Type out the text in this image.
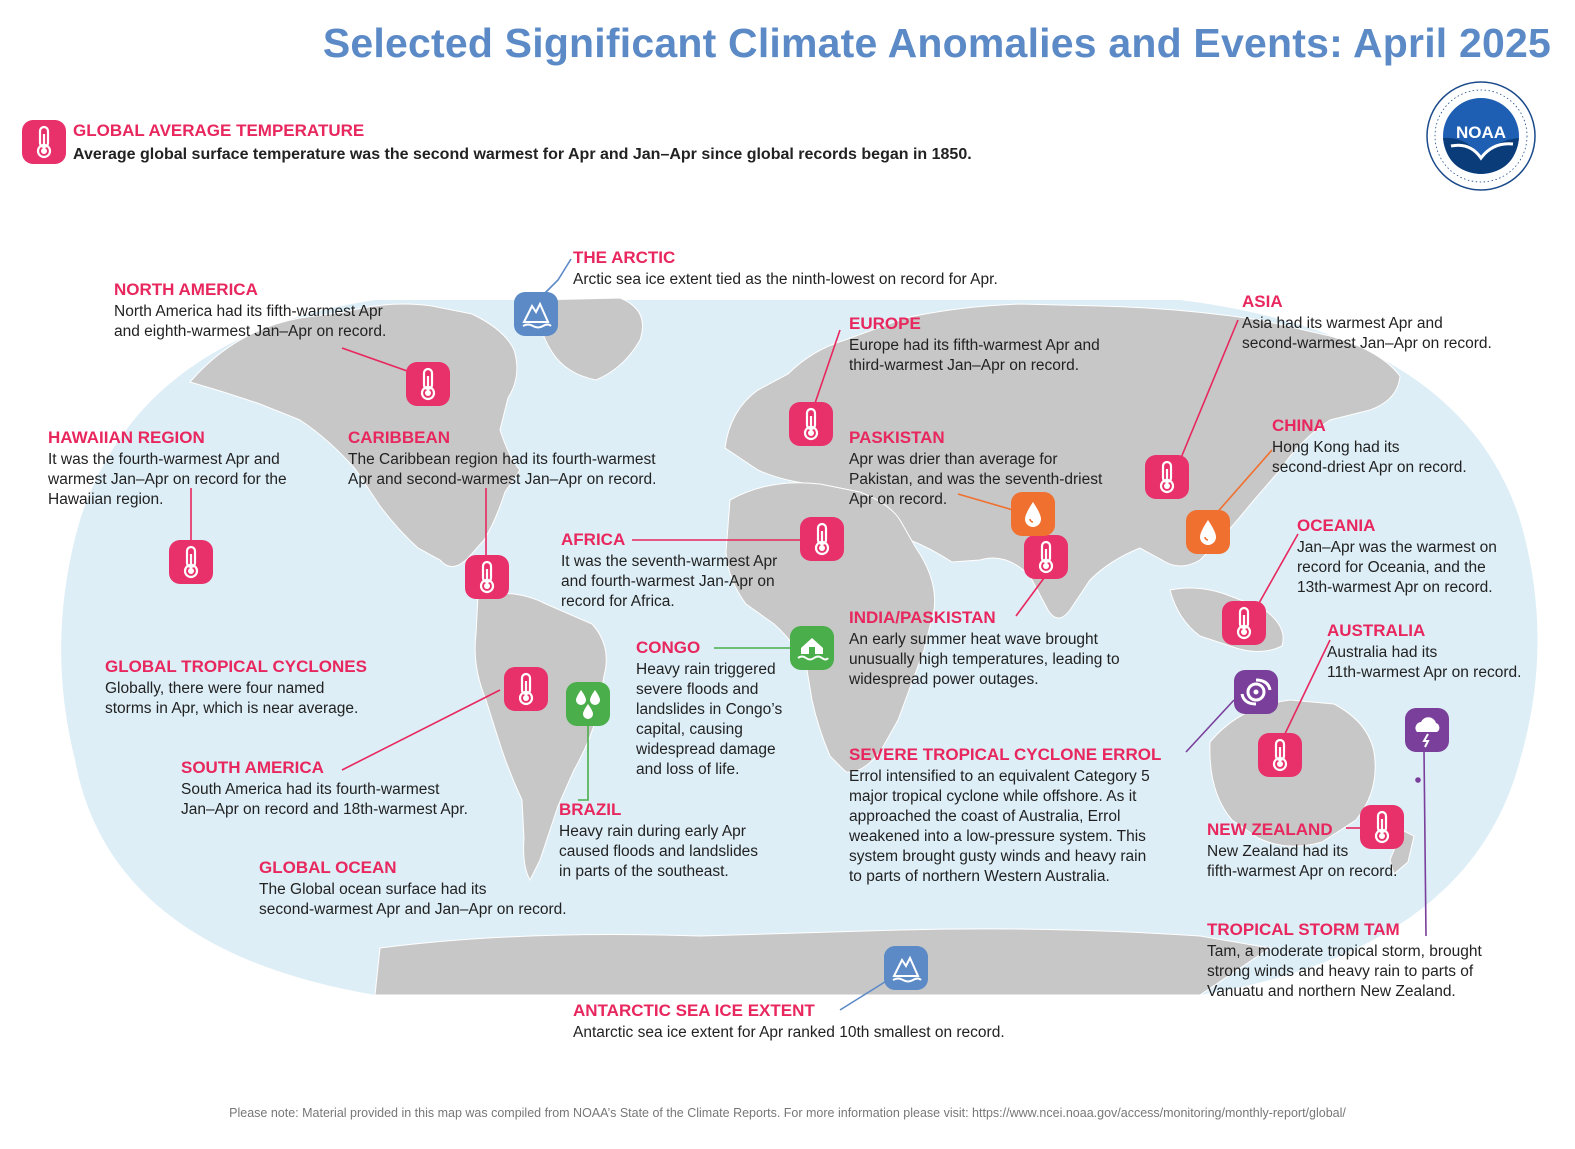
Selected Significant Climate Anomalies and Events: April 2025
GLOBAL AVERAGE TEMPERATURE
Average global surface temperature was the second warmest for Apr and Jan–Apr since global records began in 1850.
NOAA
THE ARCTIC
Arctic sea ice extent tied as the ninth-lowest on record for Apr.
NORTH AMERICA
North America had its fifth-warmest Apr
and eighth-warmest Jan–Apr on record.	EUROPE
Europe had its fifth-warmest Apr and
third-warmest Jan–Apr on record.
ASIA
Asia had its warmest Apr and
second-warmest Jan–Apr on record.
HAWAIIAN REGION
It was the fourth-warmest Apr and
warmest Jan–Apr on record for the
Hawaiian region.
CARIBBEAN
The Caribbean region had its fourth-warmest
Apr and second-warmest Jan–Apr on record.
PASKISTAN
Apr was drier than average for
Pakistan, and was the seventh-driest
Apr on record.
CHINA
Hong Kong had its
second-driest Apr on record.
AFRICA
It was the seventh-warmest Apr
and fourth-warmest Jan-Apr on
record for Africa.
OCEANIA
Jan–Apr was the warmest on
record for Oceania, and the
13th-warmest Apr on record.
INDIA/PASKISTAN
An early summer heat wave brought
unusually high temperatures, leading to
widespread power outages.
CONGO
Heavy rain triggered
severe floods and
landslides in Congo’s
capital, causing
widespread damage
and loss of life.
AUSTRALIA
Australia had its
11th-warmest Apr on record.
GLOBAL TROPICAL CYCLONES
Globally, there were four named
storms in Apr, which is near average.
SOUTH AMERICA
South America had its fourth-warmest
Jan–Apr on record and 18th-warmest Apr.	BRAZIL
Heavy rain during early Apr
caused floods and landslides
in parts of the southeast.
SEVERE TROPICAL CYCLONE ERROL
Errol intensified to an equivalent Category 5
major tropical cyclone while offshore. As it
approached the coast of Australia, Errol
weakened into a low-pressure system. This
system brought gusty winds and heavy rain
to parts of northern Western Australia.
NEW ZEALAND
New Zealand had its
fifth-warmest Apr on record.
GLOBAL OCEAN
The Global ocean surface had its
second-warmest Apr and Jan–Apr on record.
TROPICAL STORM TAM
Tam, a moderate tropical storm, brought
strong winds and heavy rain to parts of
Vanuatu and northern New Zealand.
ANTARCTIC SEA ICE EXTENT
Antarctic sea ice extent for Apr ranked 10th smallest on record.
Please note: Material provided in this map was compiled from NOAA’s State of the Climate Reports. For more information please visit: https://www.ncei.noaa.gov/access/monitoring/monthly-report/global/
